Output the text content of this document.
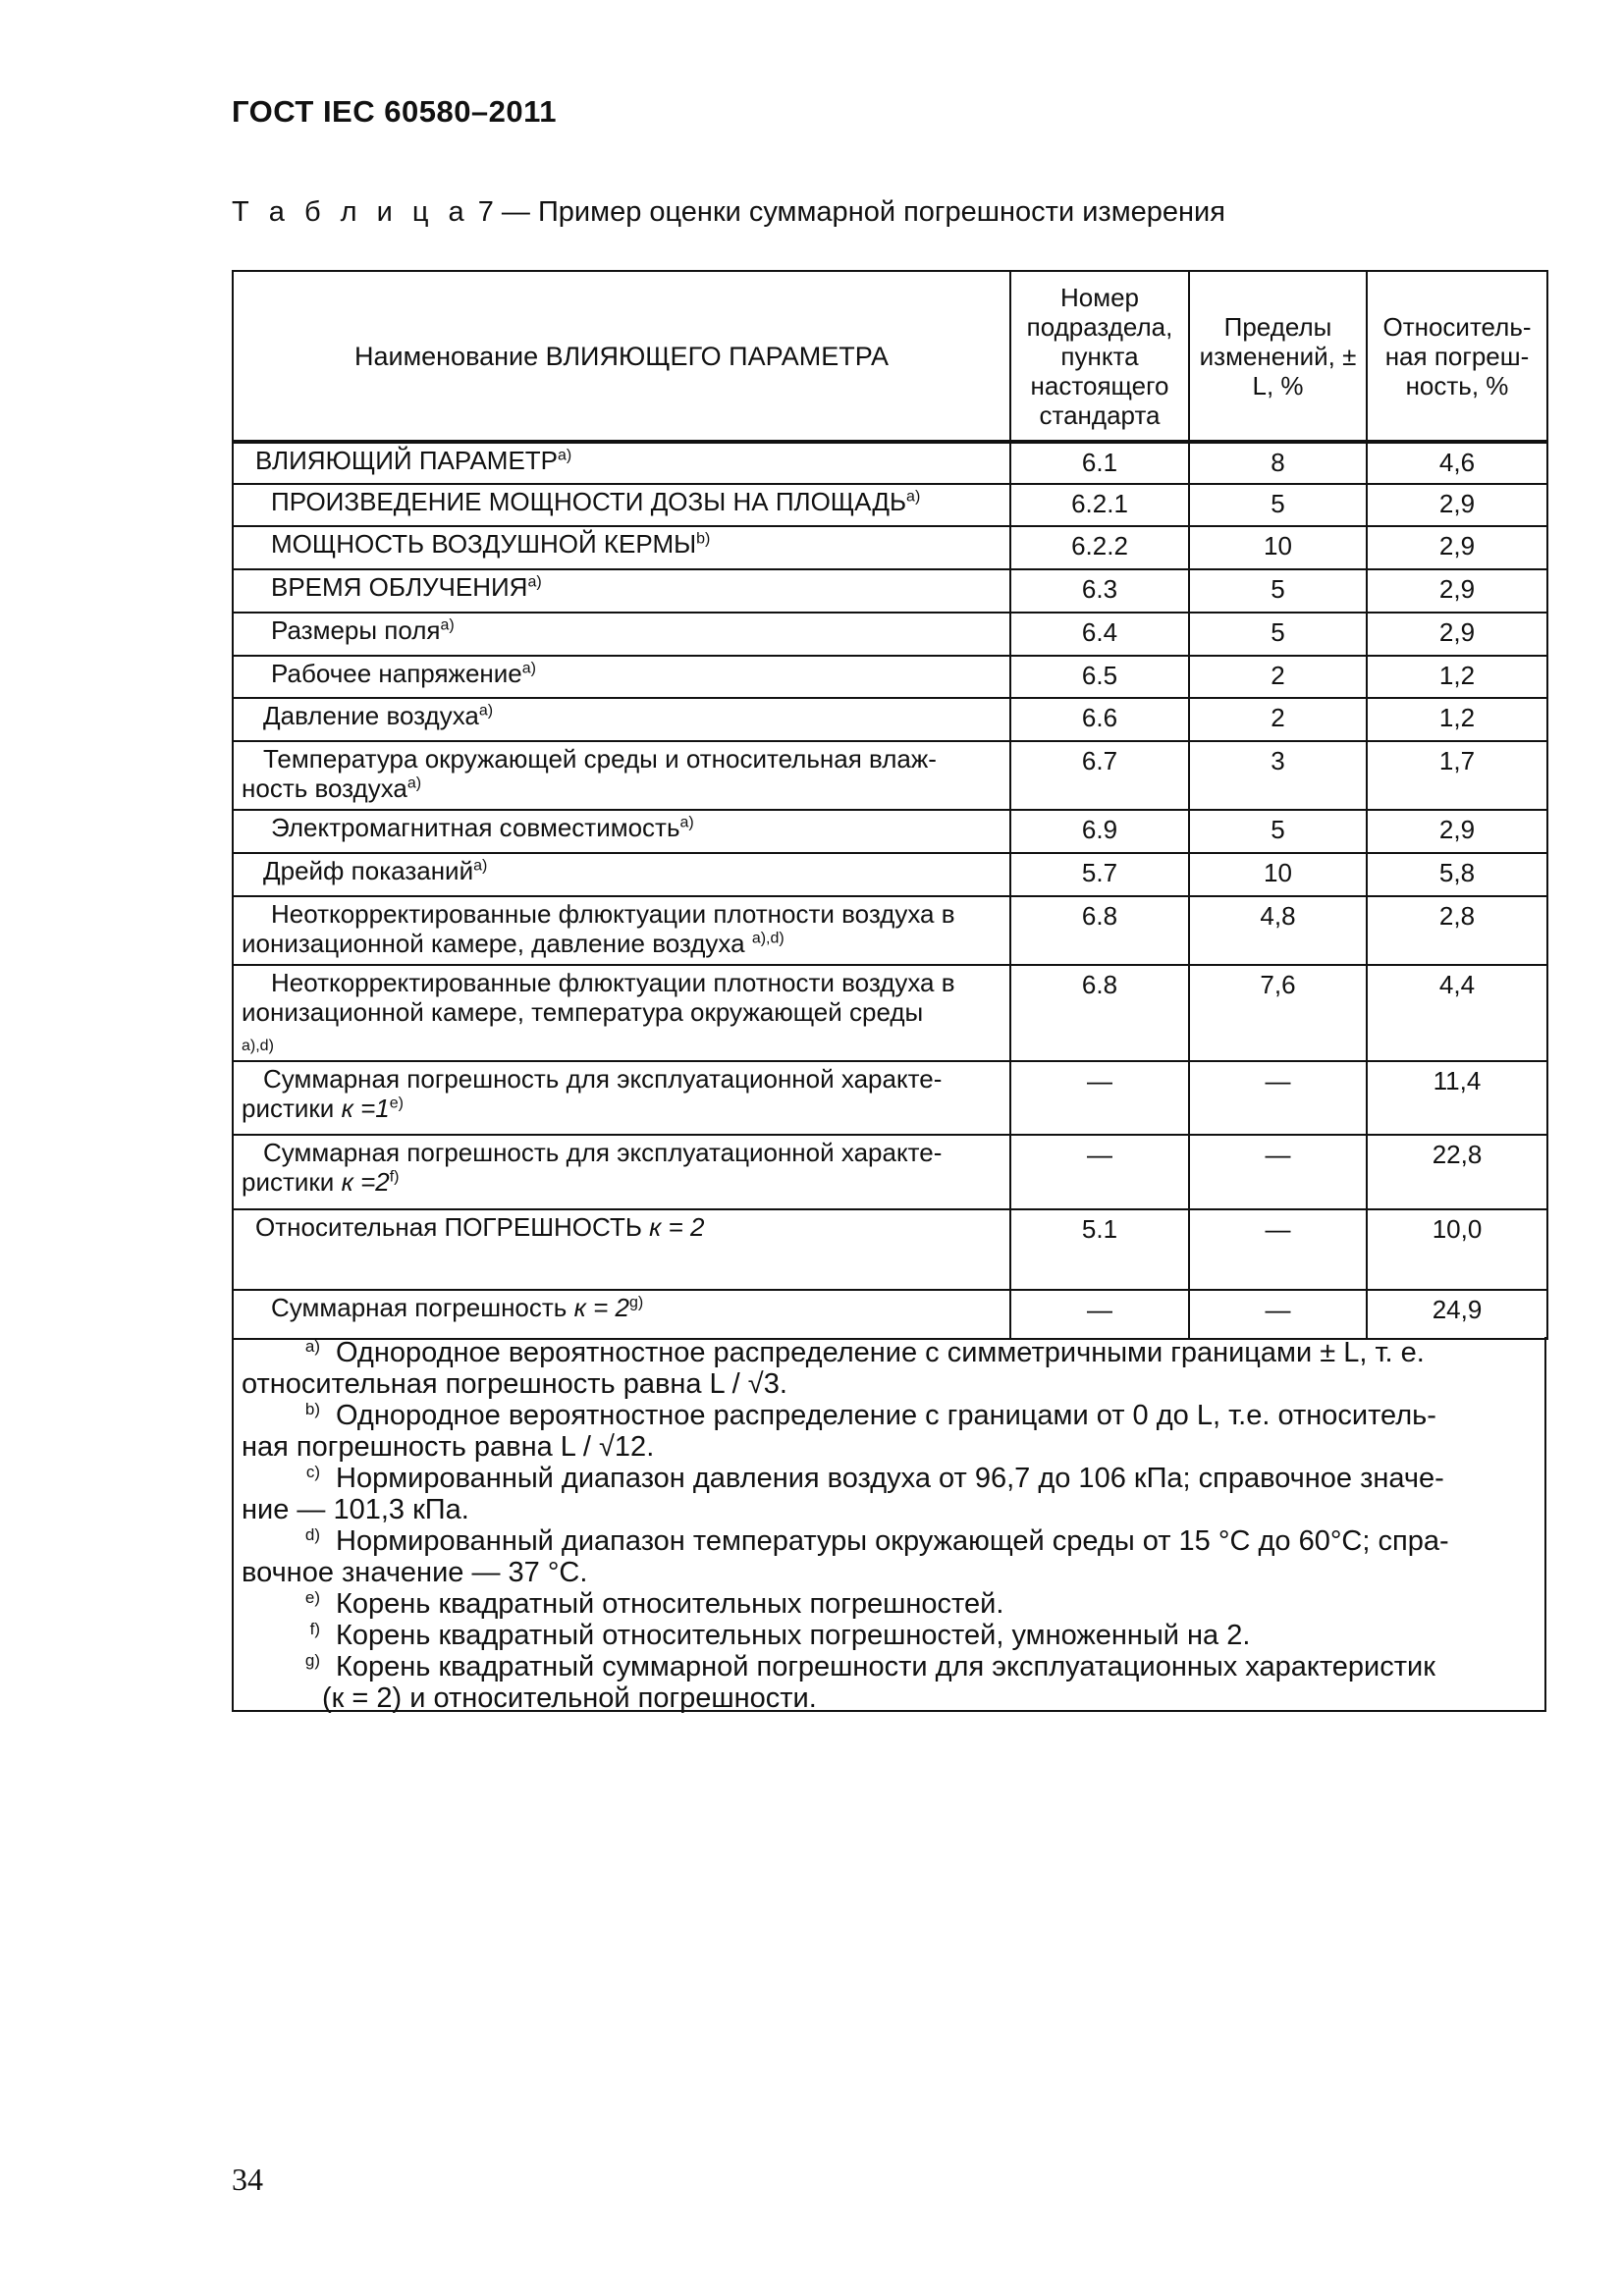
ГОСТ IEC 60580–2011
Т а б л и ц а 7 — Пример оценки суммарной погрешности измерения
Наименование ВЛИЯЮЩЕГО ПАРАМЕТРА	Номер подраздела, пункта настоящего стандарта	Пределы изменений, ± L, %	Относитель-ная погреш-ность, %
ВЛИЯЮЩИЙ $ПАРАМЕТР^{а)}$	6.1	8	4,6
ПРОИЗВЕДЕНИЕ МОЩНОСТИ ДОЗЫ НА $ПЛОЩАДЬ^{а)}$	6.2.1	5	2,9
МОЩНОСТЬ ВОЗДУШНОЙ КЕРМЫ$^{b)}$	6.2.2	10	2,9
ВРЕМЯ $ОБЛУЧЕНИЯ^{а)}$	6.3	5	2,9
Размеры поля$^{а)}$	6.4	5	2,9
Рабочее напряжение$^{а)}$	6.5	2	1,2
Давление воздуха$^{а)}$	6.6	2	1,2
Температура окружающей среды и относительная влаж-
ность воздуха$^{а)}$	6.7	3	1,7
Электромагнитная совместимость$^{а)}$	6.9	5	2,9
Дрейф показаний$^{а)}$	5.7	10	5,8
Неоткорректированные флюктуации плотности воздуха в
ионизационной камере, давление воздуха $^{а),d)}$	6.8	4,8	2,8
Неоткорректированные флюктуации плотности воздуха в
ионизационной камере, температура окружающей среды
а),d)	6.8	7,6	4,4
Суммарная погрешность для эксплуатационной характе-
ристики $к =1^{e)}$	—	—	11,4
Суммарная погрешность для эксплуатационной характе-
ристики $к =2^{f)}$	—	—	22,8
Относительная ПОГРЕШНОСТЬ к = 2	5.1	—	10,0
Суммарная погрешность $к = 2^{g)}$	—	—	24,9

а) Однородное вероятностное распределение с симметричными границами ± L, т. е.
относительная погрешность равна L / √3.

b) Однородное вероятностное распределение с границами от 0 до L, т.е. относитель-
ная погрешность равна L / √12.

c) Нормированный диапазон давления воздуха от 96,7 до 106 кПа; справочное значе-
ние — 101,3 кПа.

d) Нормированный диапазон температуры окружающей среды от 15 °С до 60°С; спра-
вочное значение — 37 °С.

e) Корень квадратный относительных погрешностей.

f) Корень квадратный относительных погрешностей, умноженный на 2.

g) Корень квадратный суммарной погрешности для эксплуатационных характеристик
(к = 2) и относительной погрешности.

34
